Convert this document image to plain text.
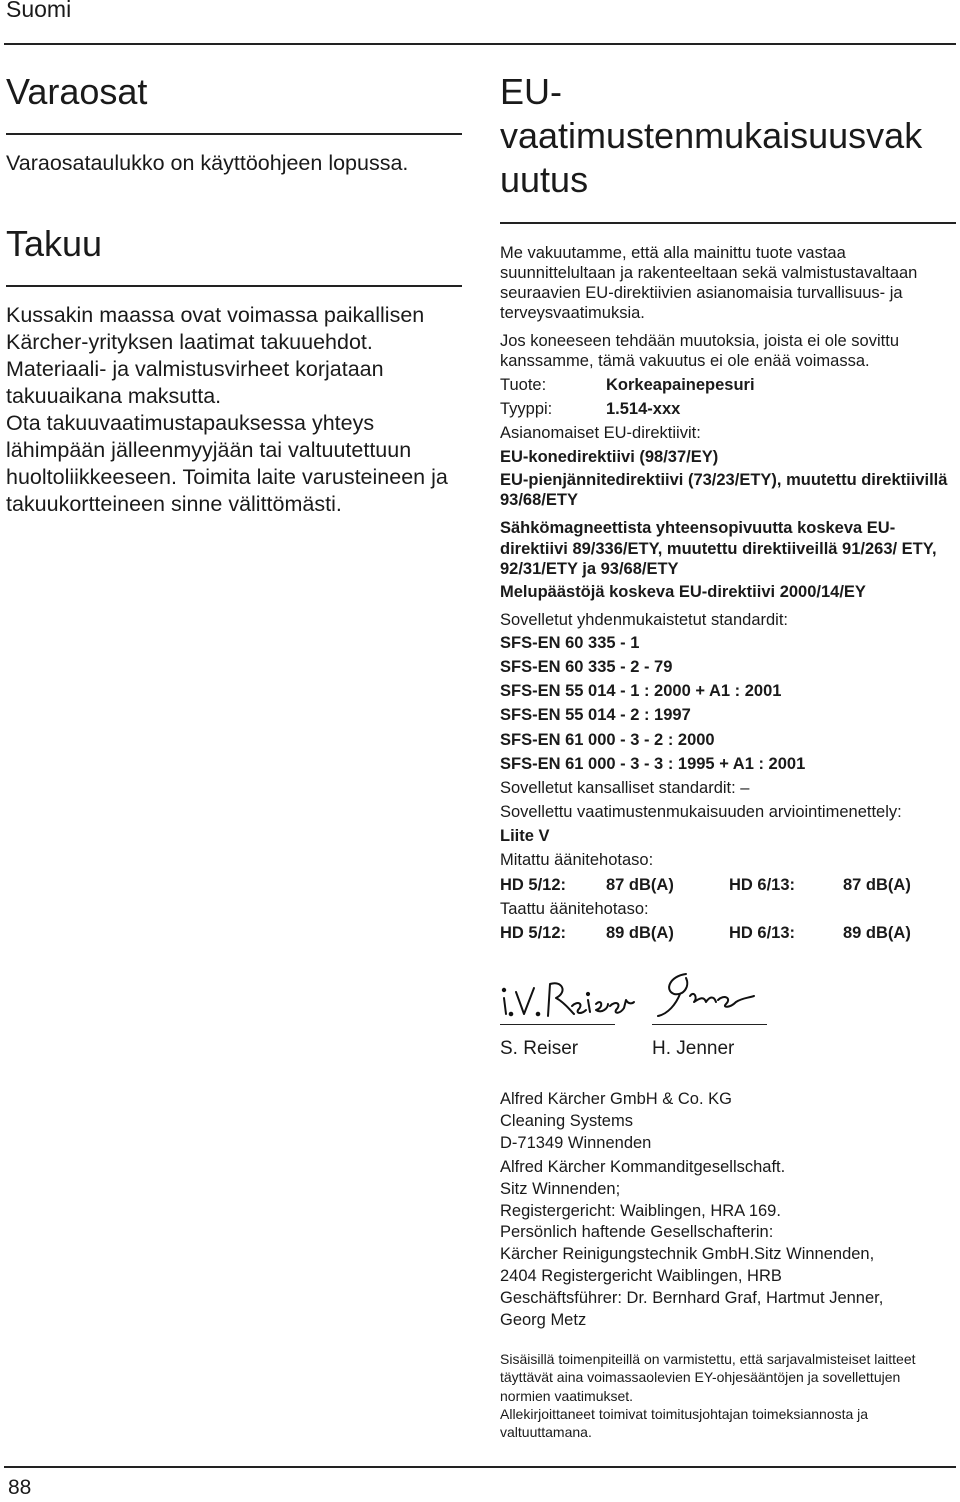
Suomi
Varaosat
Varaosataulukko on käyttöohjeen lopussa.
Takuu

Kussakin maassa ovat voimassa paikallisen Kärcher-yrityksen laatimat takuuehdot. Materiaali- ja valmistusvirheet korjataan takuuaikana maksutta.

Ota takuuvaatimustapauksessa yhteys lähimpään jälleenmyyjään tai valtuutettuun huoltoliikkeeseen. Toimita laite varusteineen ja takuukortteineen sinne välittömästi.

EU-
vaatimustenmukaisuusvak
uutus
Me vakuutamme, että alla mainittu tuote vastaa suunnittelultaan ja rakenteeltaan sekä valmistustavaltaan seuraavien EU-direktiivien asianomaisia turvallisuus- ja terveysvaatimuksia.
Jos koneeseen tehdään muutoksia, joista ei ole sovittu kanssamme, tämä vakuutus ei ole enää voimassa.
Tuote:	Korkeapainepesuri
Tyyppi:	1.514-xxx
Asianomaiset EU-direktiivit:
EU-konedirektiivi (98/37/EY)
EU-pienjännitedirektiivi (73/23/ETY), muutettu direktiivillä 93/68/ETY
Sähkömagneettista yhteensopivuutta koskeva EU-direktiivi 89/336/ETY, muutettu direktiiveillä 91/263/ ETY, 92/31/ETY ja 93/68/ETY
Melupäästöjä koskeva EU-direktiivi 2000/14/EY
Sovelletut yhdenmukaistetut standardit:
SFS-EN 60 335 - 1
SFS-EN 60 335 - 2 - 79
SFS-EN 55 014 - 1 : 2000 + A1 : 2001
SFS-EN 55 014 - 2 : 1997
SFS-EN 61 000 - 3 - 2 : 2000
SFS-EN 61 000 - 3 - 3 : 1995 + A1 : 2001
Sovelletut kansalliset standardit: –
Sovellettu vaatimustenmukaisuuden arviointimenettely:
Liite V
Mitattu äänitehotaso:
HD 5/12: 87 dB(A)	HD 6/13:	87 dB(A)
Taattu äänitehotaso:
HD 5/12: 89 dB(A)	HD 6/13:	89 dB(A)
S. Reiser	H. Jenner

Alfred Kärcher GmbH & Co. KG

Cleaning Systems

D-71349 Winnenden

Alfred Kärcher Kommanditgesellschaft.

Sitz Winnenden;

Registergericht: Waiblingen, HRA 169.

Persönlich haftende Gesellschafterin:

Kärcher Reinigungstechnik GmbH.Sitz Winnenden,

2404 Registergericht Waiblingen, HRB

Geschäftsführer: Dr. Bernhard Graf, Hartmut Jenner,

Georg Metz

Sisäisillä toimenpiteillä on varmistettu, että sarjavalmisteiset laitteet täyttävät aina voimassaolevien EY-ohjesääntöjen ja sovellettujen normien vaatimukset.

Allekirjoittaneet toimivat toimitusjohtajan toimeksiannosta ja valtuuttamana.

88
